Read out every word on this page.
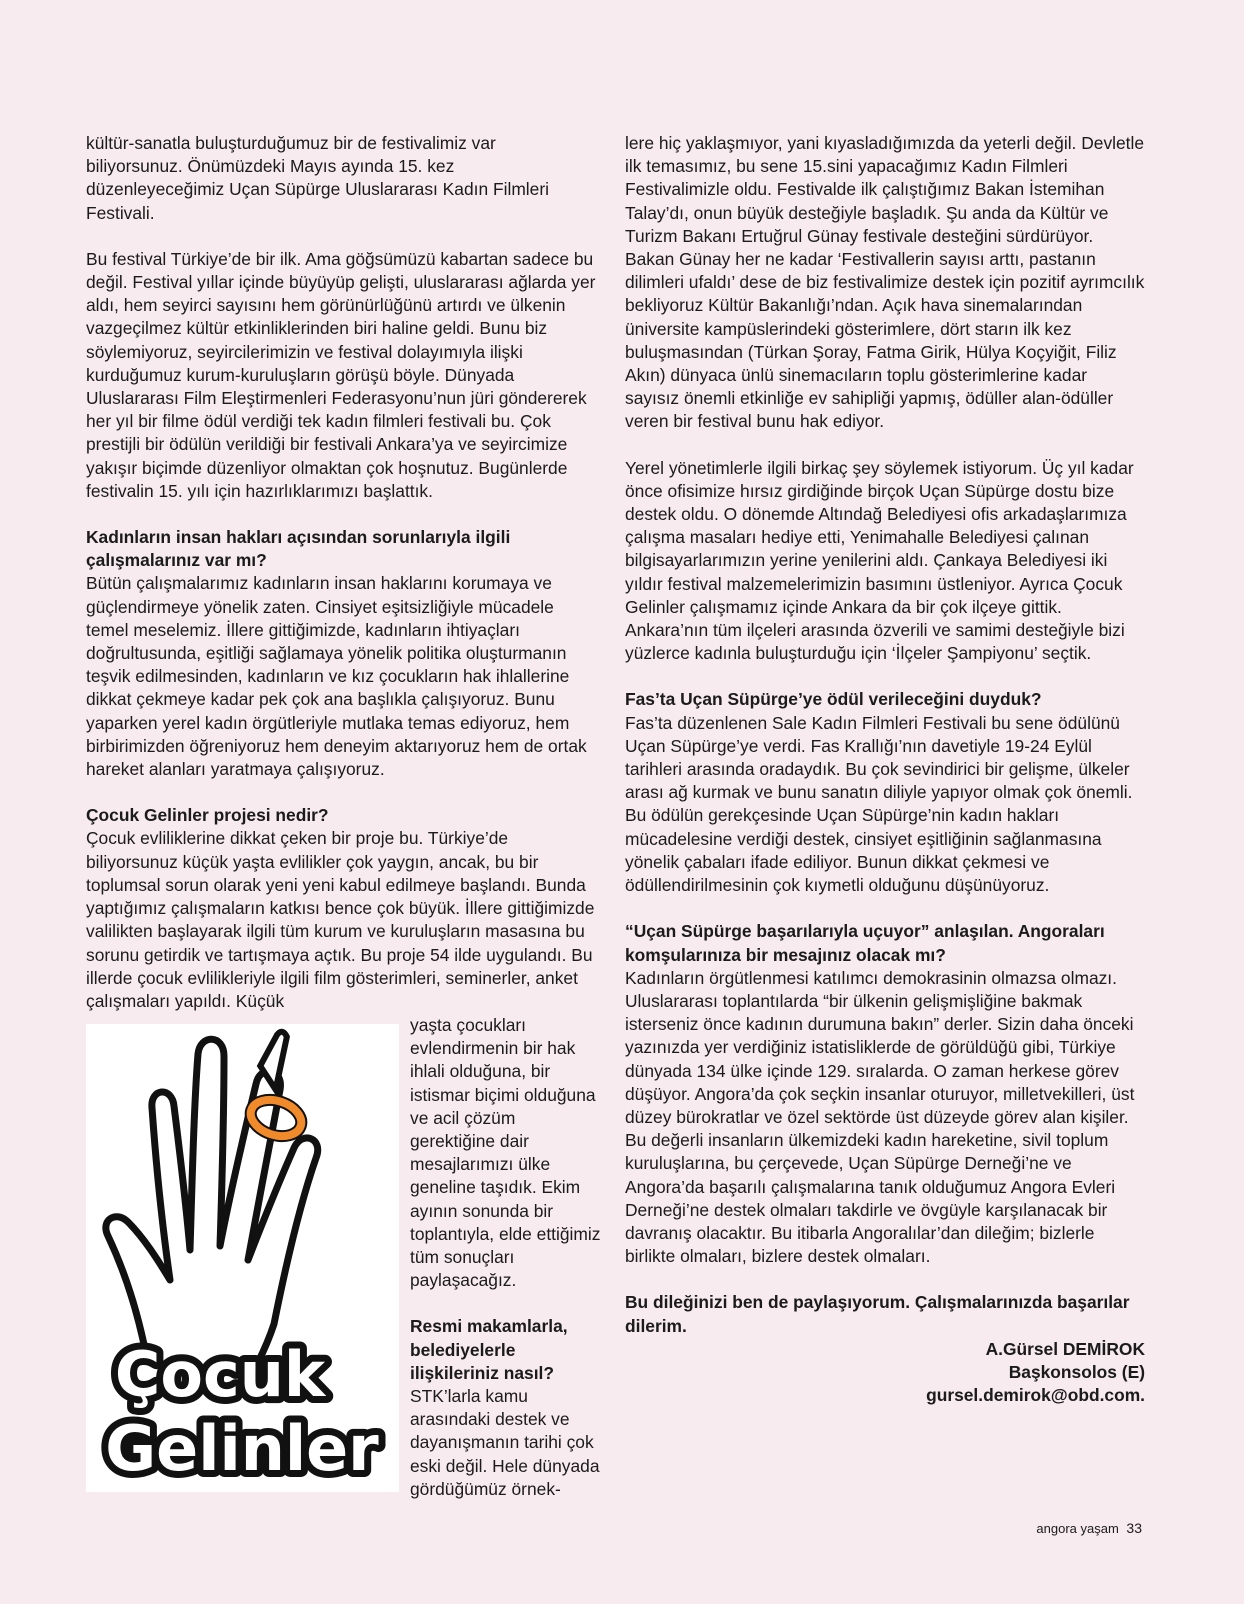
kültür-sanatla buluşturduğumuz bir de festivalimiz var biliyorsunuz. Önümüzdeki Mayıs ayında 15. kez düzenleyeceğimiz Uçan Süpürge Uluslararası Kadın Filmleri Festivali.

Bu festival Türkiye’de bir ilk. Ama göğsümüzü kabartan sadece bu değil. Festival yıllar içinde büyüyüp gelişti, uluslararası ağlarda yer aldı, hem seyirci sayısını hem görünürlüğünü artırdı ve ülkenin vazgeçilmez kültür etkinliklerinden biri haline geldi. Bunu biz söylemiyoruz, seyircilerimizin ve festival dolayımıyla ilişki kurduğumuz kurum-kuruluşların görüşü böyle. Dünyada Uluslararası Film Eleştirmenleri Federasyonu’nun jüri göndererek her yıl bir filme ödül verdiği tek kadın filmleri festivali bu. Çok prestijli bir ödülün verildiği bir festivali Ankara’ya ve seyircimize yakışır biçimde düzenliyor olmaktan çok hoşnutuz. Bugünlerde festivalin 15. yılı için hazırlıklarımızı başlattık.

Kadınların insan hakları açısından sorunlarıyla ilgili çalışmalarınız var mı?

Bütün çalışmalarımız kadınların insan haklarını korumaya ve güçlendirmeye yönelik zaten. Cinsiyet eşitsizliğiyle mücadele temel meselemiz. İllere gittiğimizde, kadınların ihtiyaçları doğrultusunda, eşitliği sağlamaya yönelik politika oluşturmanın teşvik edilmesinden, kadınların ve kız çocukların hak ihlallerine dikkat çekmeye kadar pek çok ana başlıkla çalışıyoruz. Bunu yaparken yerel kadın örgütleriyle mutlaka temas ediyoruz, hem birbirimizden öğreniyoruz hem deneyim aktarıyoruz hem de ortak hareket alanları yaratmaya çalışıyoruz.

Çocuk Gelinler projesi nedir?

Çocuk evliliklerine dikkat çeken bir proje bu. Türkiye’de biliyorsunuz küçük yaşta evlilikler çok yaygın, ancak, bu bir toplumsal sorun olarak yeni yeni kabul edilmeye başlandı. Bunda yaptığımız çalışmaların katkısı bence çok büyük. İllere gittiğimizde valilikten başlayarak ilgili tüm kurum ve kuruluşların masasına bu sorunu getirdik ve tartışmaya açtık. Bu proje 54 ilde uygulandı. Bu illerde çocuk evlilikleriyle ilgili film gösterimleri, seminerler, anket çalışmaları yapıldı. Küçük

Çocuk
Gelinler

yaşta çocukları evlendirmenin bir hak ihlali olduğuna, bir istismar biçimi olduğuna ve acil çözüm gerektiğine dair mesajlarımızı ülke geneline taşıdık. Ekim ayının sonunda bir toplantıyla, elde ettiğimiz tüm sonuçları paylaşacağız.

Resmi makamlarla, belediyelerle ilişkileriniz nasıl? STK’larla kamu arasındaki destek ve dayanışmanın tarihi çok eski değil. Hele dünyada gördüğümüz örnek-

lere hiç yaklaşmıyor, yani kıyasladığımızda da yeterli değil. Devletle ilk temasımız, bu sene 15.sini yapacağımız Kadın Filmleri Festivalimizle oldu. Festivalde ilk çalıştığımız Bakan İstemihan Talay’dı, onun büyük desteğiyle başladık. Şu anda da Kültür ve Turizm Bakanı Ertuğrul Günay festivale desteğini sürdürüyor. Bakan Günay her ne kadar ‘Festivallerin sayısı arttı, pastanın dilimleri ufaldı’ dese de biz festivalimize destek için pozitif ayrımcılık bekliyoruz Kültür Bakanlığı’ndan. Açık hava sinemalarından üniversite kampüslerindeki gösterimlere, dört starın ilk kez buluşmasından (Türkan Şoray, Fatma Girik, Hülya Koçyiğit, Filiz Akın) dünyaca ünlü sinemacıların toplu gösterimlerine kadar sayısız önemli etkinliğe ev sahipliği yapmış, ödüller alan-ödüller veren bir festival bunu hak ediyor.

Yerel yönetimlerle ilgili birkaç şey söylemek istiyorum. Üç yıl kadar önce ofisimize hırsız girdiğinde birçok Uçan Süpürge dostu bize destek oldu. O dönemde Altındağ Belediyesi ofis arkadaşlarımıza çalışma masaları hediye etti, Yenimahalle Belediyesi çalınan bilgisayarlarımızın yerine yenilerini aldı. Çankaya Belediyesi iki yıldır festival malzemelerimizin basımını üstleniyor. Ayrıca Çocuk Gelinler çalışmamız içinde Ankara da bir çok ilçeye gittik. Ankara’nın tüm ilçeleri arasında özverili ve samimi desteğiyle bizi yüzlerce kadınla buluşturduğu için ‘İlçeler Şampiyonu’ seçtik.

Fas’ta Uçan Süpürge’ye ödül verileceğini duyduk?

Fas’ta düzenlenen Sale Kadın Filmleri Festivali bu sene ödülünü Uçan Süpürge’ye verdi. Fas Krallığı’nın davetiyle 19-24 Eylül tarihleri arasında oradaydık. Bu çok sevindirici bir gelişme, ülkeler arası ağ kurmak ve bunu sanatın diliyle yapıyor olmak çok önemli. Bu ödülün gerekçesinde Uçan Süpürge’nin kadın hakları mücadelesine verdiği destek, cinsiyet eşitliğinin sağlanmasına yönelik çabaları ifade ediliyor. Bunun dikkat çekmesi ve ödüllendirilmesinin çok kıymetli olduğunu düşünüyoruz.

“Uçan Süpürge başarılarıyla uçuyor” anlaşılan. Angoraları komşularınıza bir mesajınız olacak mı?

Kadınların örgütlenmesi katılımcı demokrasinin olmazsa olmazı. Uluslararası toplantılarda “bir ülkenin gelişmişliğine bakmak isterseniz önce kadının durumuna bakın” derler. Sizin daha önceki yazınızda yer verdiğiniz istatisliklerde de görüldüğü gibi, Türkiye dünyada 134 ülke içinde 129. sıralarda. O zaman herkese görev düşüyor. Angora’da çok seçkin insanlar oturuyor, milletvekilleri, üst düzey bürokratlar ve özel sektörde üst düzeyde görev alan kişiler. Bu değerli insanların ülkemizdeki kadın hareketine, sivil toplum kuruluşlarına, bu çerçevede, Uçan Süpürge Derneği’ne ve Angora’da başarılı çalışmalarına tanık olduğumuz Angora Evleri Derneği’ne destek olmaları takdirle ve övgüyle karşılanacak bir davranış olacaktır. Bu itibarla Angoralılar’dan dileğim; bizlerle birlikte olmaları, bizlere destek olmaları.

Bu dileğinizi ben de paylaşıyorum. Çalışmalarınızda başarılar dilerim.

A.Gürsel DEMİROK

Başkonsolos (E)

gursel.demirok@obd.com.

angora yaşam 33
